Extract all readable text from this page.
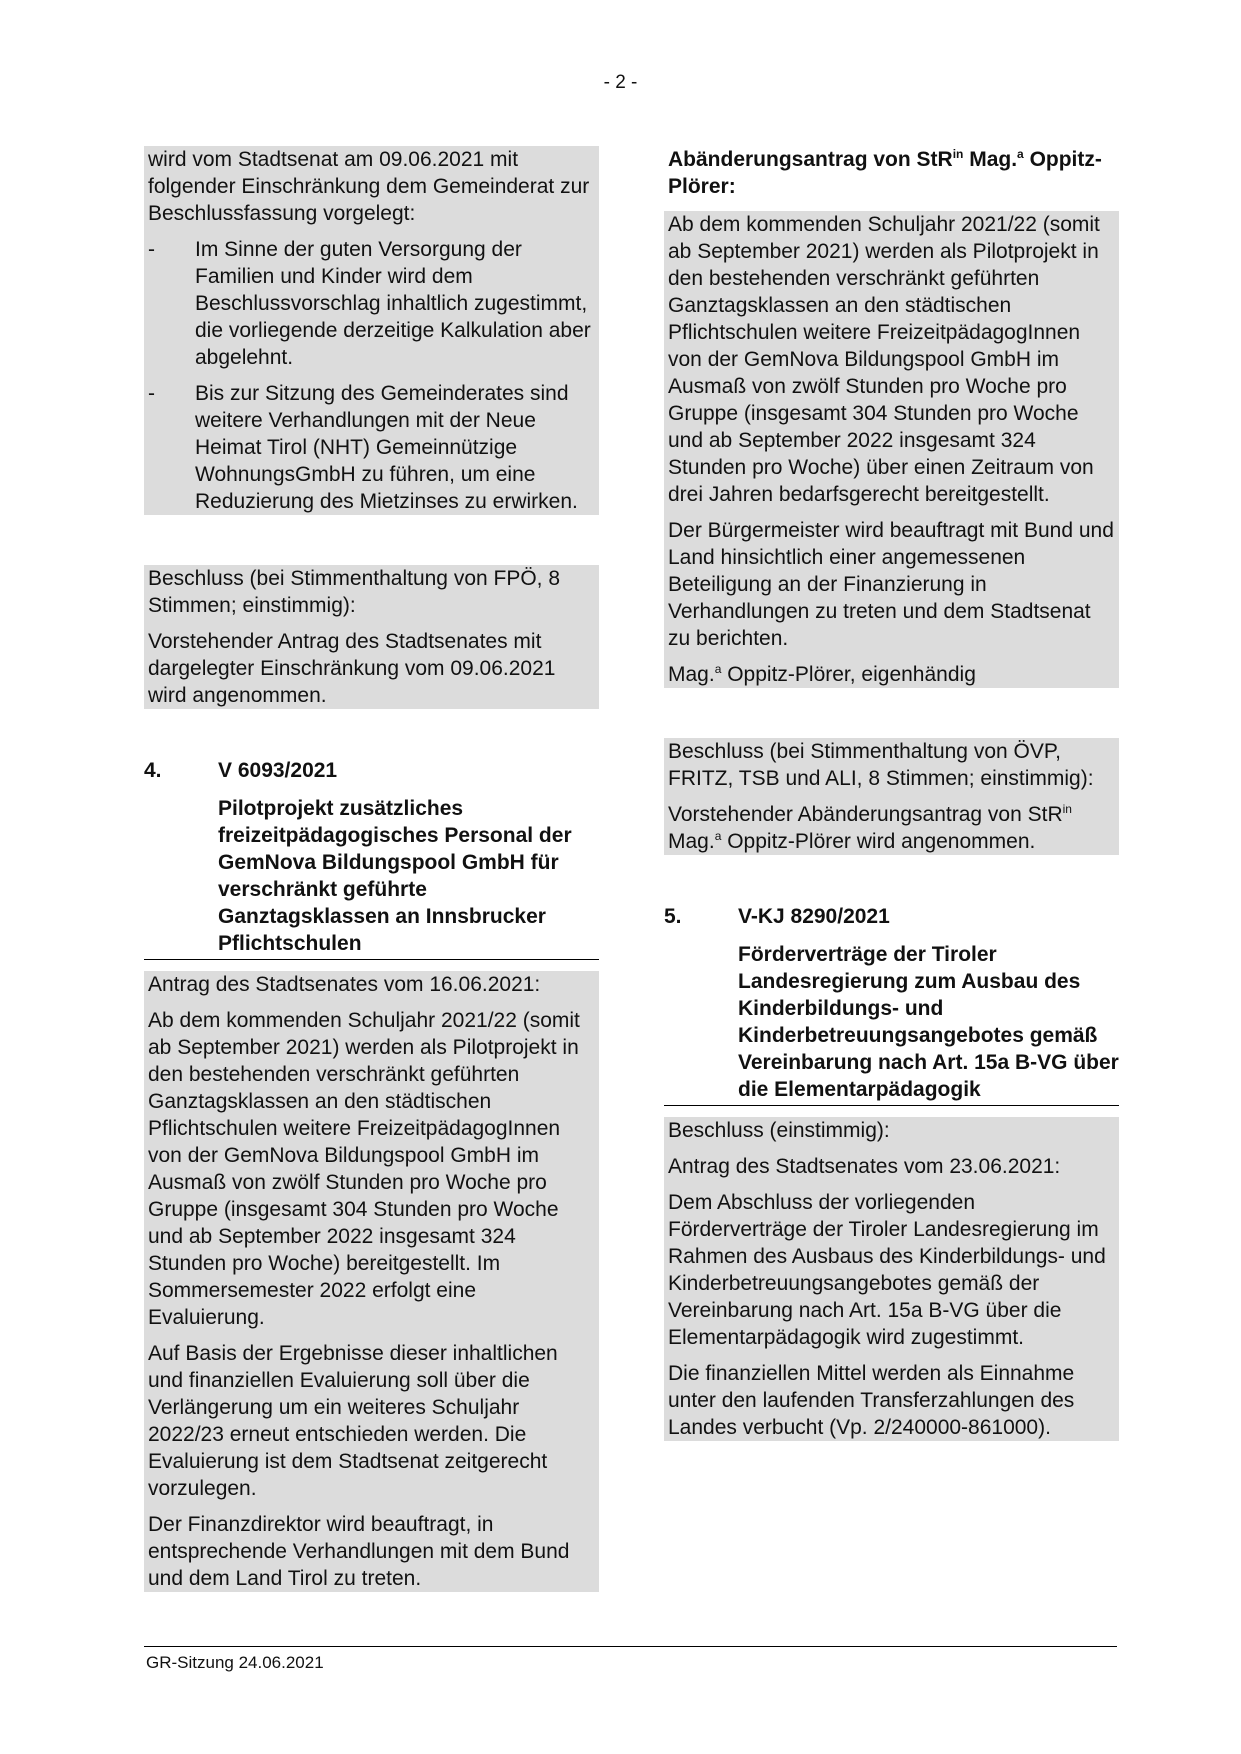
- 2 -

wird vom Stadtsenat am 09.06.2021 mit folgender Einschränkung dem Gemeinderat zur Beschlussfassung vorgelegt:

- Im Sinne der guten Versorgung der Familien und Kinder wird dem Beschlussvorschlag inhaltlich zugestimmt, die vorliegende derzeitige Kalkulation aber abgelehnt.
- Bis zur Sitzung des Gemeinderates sind weitere Verhandlungen mit der Neue Heimat Tirol (NHT) Gemeinnützige WohnungsGmbH zu führen, um eine Reduzierung des Mietzinses zu erwirken.

Beschluss (bei Stimmenthaltung von FPÖ, 8 Stimmen; einstimmig):

Vorstehender Antrag des Stadtsenates mit dargelegter Einschränkung vom 09.06.2021 wird angenommen.

4.	V 6093/2021
Pilotprojekt zusätzliches freizeitpädagogisches Personal der GemNova Bildungspool GmbH für verschränkt geführte Ganztagsklassen an Innsbrucker Pflichtschulen

Antrag des Stadtsenates vom 16.06.2021:

Ab dem kommenden Schuljahr 2021/22 (somit ab September 2021) werden als Pilotprojekt in den bestehenden verschränkt geführten Ganztagsklassen an den städtischen Pflichtschulen weitere FreizeitpädagogInnen von der GemNova Bildungspool GmbH im Ausmaß von zwölf Stunden pro Woche pro Gruppe (insgesamt 304 Stunden pro Woche und ab September 2022 insgesamt 324 Stunden pro Woche) bereitgestellt. Im Sommersemester 2022 erfolgt eine Evaluierung.

Auf Basis der Ergebnisse dieser inhaltlichen und finanziellen Evaluierung soll über die Verlängerung um ein weiteres Schuljahr 2022/23 erneut entschieden werden. Die Evaluierung ist dem Stadtsenat zeitgerecht vorzulegen.

Der Finanzdirektor wird beauftragt, in entsprechende Verhandlungen mit dem Bund und dem Land Tirol zu treten.

Abänderungsantrag von StR$^{in}$ Mag.$^a$ Oppitz-Plörer:

Ab dem kommenden Schuljahr 2021/22 (somit ab September 2021) werden als Pilotprojekt in den bestehenden verschränkt geführten Ganztagsklassen an den städtischen Pflichtschulen weitere FreizeitpädagogInnen von der GemNova Bildungspool GmbH im Ausmaß von zwölf Stunden pro Woche pro Gruppe (insgesamt 304 Stunden pro Woche und ab September 2022 insgesamt 324 Stunden pro Woche) über einen Zeitraum von drei Jahren bedarfsgerecht bereitgestellt.

Der Bürgermeister wird beauftragt mit Bund und Land hinsichtlich einer angemessenen Beteiligung an der Finanzierung in Verhandlungen zu treten und dem Stadtsenat zu berichten.

Mag.$^a$ Oppitz-Plörer, eigenhändig

Beschluss (bei Stimmenthaltung von ÖVP, FRITZ, TSB und ALI, 8 Stimmen; einstimmig):

Vorstehender Abänderungsantrag von StR$^{in}$ Mag.$^a$ Oppitz-Plörer wird angenommen.

5.	V-KJ 8290/2021
Förderverträge der Tiroler Landesregierung zum Ausbau des Kinderbildungs- und Kinderbetreuungsangebotes gemäß Vereinbarung nach Art. 15a B-VG über die Elementarpädagogik

Beschluss (einstimmig):

Antrag des Stadtsenates vom 23.06.2021:

Dem Abschluss der vorliegenden Förderverträge der Tiroler Landesregierung im Rahmen des Ausbaus des Kinderbildungs- und Kinderbetreuungsangebotes gemäß der Vereinbarung nach Art. 15a B-VG über die Elementarpädagogik wird zugestimmt.

Die finanziellen Mittel werden als Einnahme unter den laufenden Transferzahlungen des Landes verbucht (Vp. 2/240000-861000).

GR-Sitzung 24.06.2021
